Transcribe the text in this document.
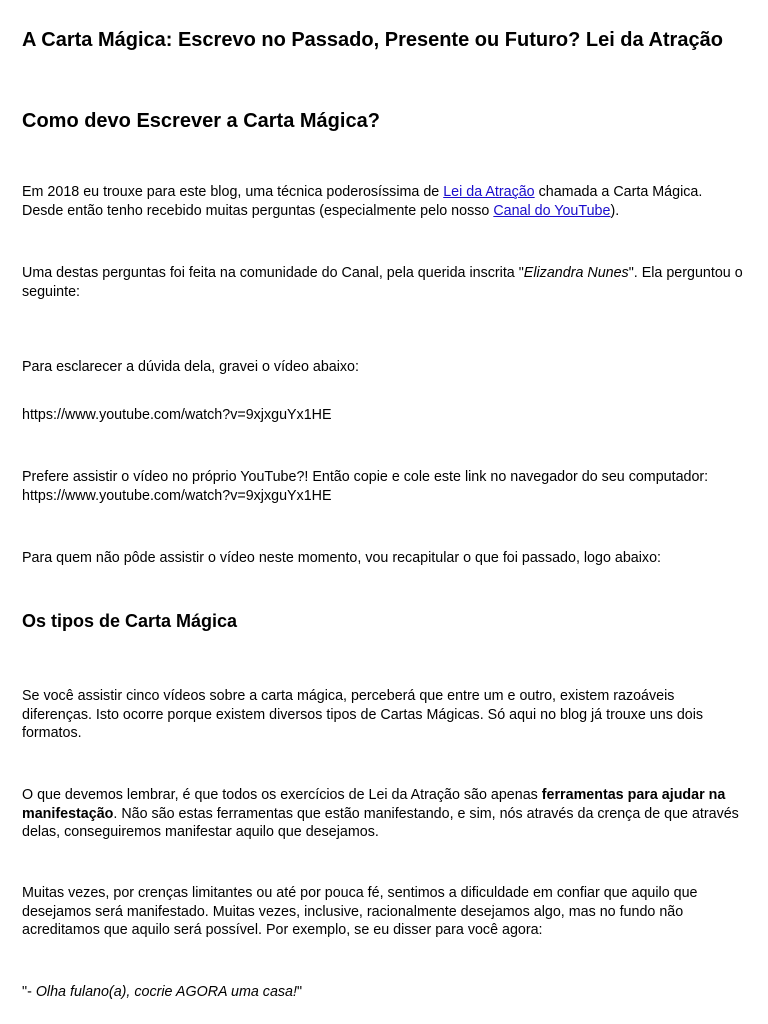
A Carta Mágica: Escrevo no Passado, Presente ou Futuro? Lei da Atração
Como devo Escrever a Carta Mágica?

Em 2018 eu trouxe para este blog, uma técnica poderosíssima de Lei da Atração chamada a Carta Mágica. Desde então tenho recebido muitas perguntas (especialmente pelo nosso Canal do YouTube).

Uma destas perguntas foi feita na comunidade do Canal, pela querida inscrita "Elizandra Nunes". Ela perguntou o seguinte:

Para esclarecer a dúvida dela, gravei o vídeo abaixo:

https://www.youtube.com/watch?v=9xjxguYx1HE

Prefere assistir o vídeo no próprio YouTube?! Então copie e cole este link no navegador do seu computador: https://www.youtube.com/watch?v=9xjxguYx1HE

Para quem não pôde assistir o vídeo neste momento, vou recapitular o que foi passado, logo abaixo:

Os tipos de Carta Mágica

Se você assistir cinco vídeos sobre a carta mágica, perceberá que entre um e outro, existem razoáveis diferenças. Isto ocorre porque existem diversos tipos de Cartas Mágicas. Só aqui no blog já trouxe uns dois formatos.

O que devemos lembrar, é que todos os exercícios de Lei da Atração são apenas ferramentas para ajudar na manifestação. Não são estas ferramentas que estão manifestando, e sim, nós através da crença de que através delas, conseguiremos manifestar aquilo que desejamos.

Muitas vezes, por crenças limitantes ou até por pouca fé, sentimos a dificuldade em confiar que aquilo que desejamos será manifestado. Muitas vezes, inclusive, racionalmente desejamos algo, mas no fundo não acreditamos que aquilo será possível. Por exemplo, se eu disser para você agora:

"- Olha fulano(a), cocrie AGORA uma casa!"
